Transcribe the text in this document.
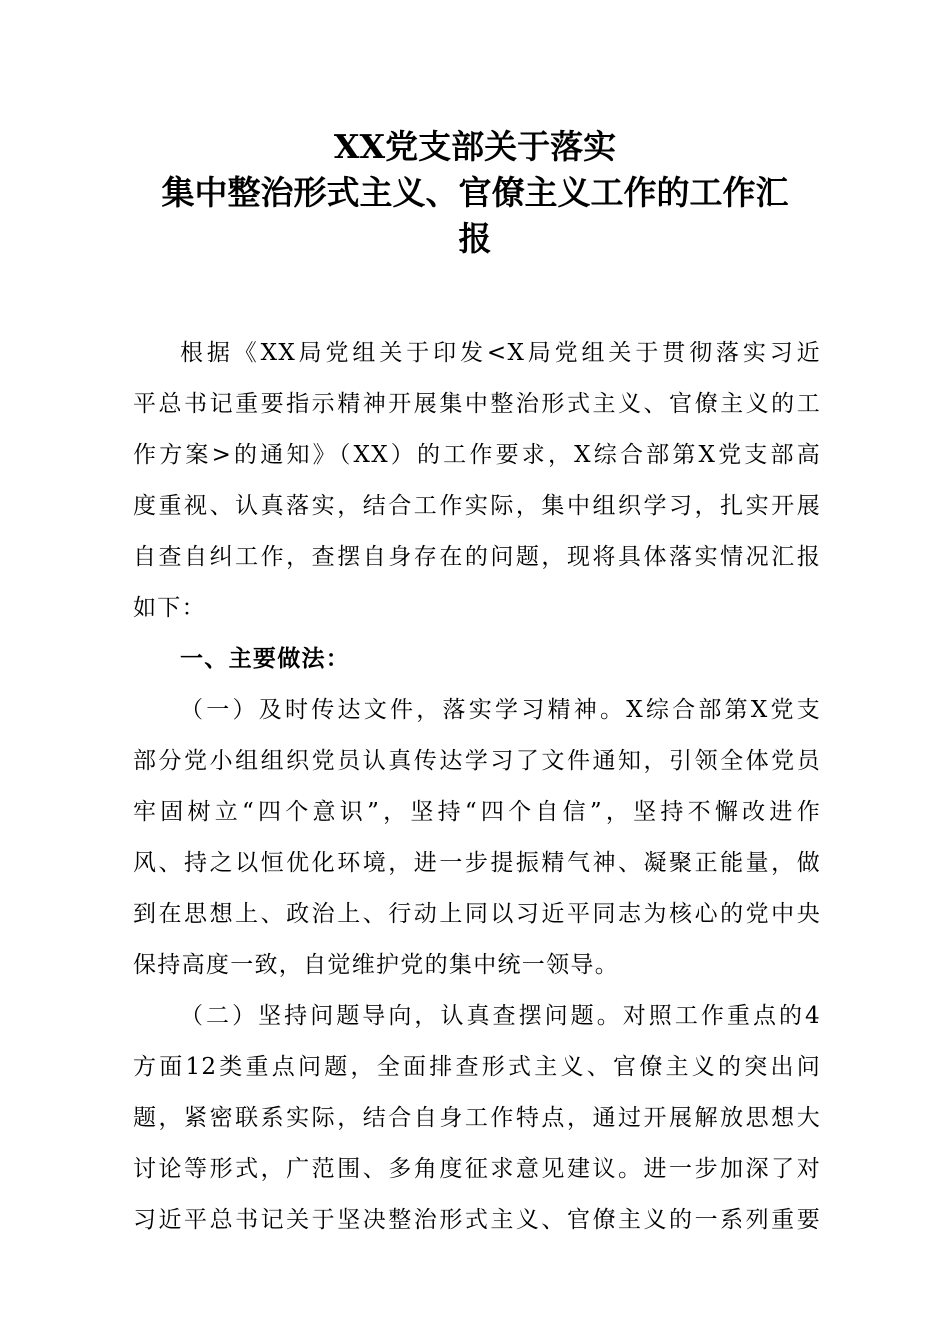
XX党支部关于落实
集中整治形式主义、官僚主义工作的工作汇
报
根据《XX局党组关于印发<X局党组关于贯彻落实习近
平总书记重要指示精神开展集中整治形式主义、官僚主义的工
作方案>的通知》（XX）的工作要求，X综合部第X党支部高
度重视、认真落实，结合工作实际，集中组织学习，扎实开展
自查自纠工作，查摆自身存在的问题，现将具体落实情况汇报
如下：
一、主要做法：
（一）及时传达文件，落实学习精神。X综合部第X党支
部分党小组组织党员认真传达学习了文件通知，引领全体党员
牢固树立“四个意识”，坚持“四个自信”，坚持不懈改进作
风、持之以恒优化环境，进一步提振精气神、凝聚正能量，做
到在思想上、政治上、行动上同以习近平同志为核心的党中央
保持高度一致，自觉维护党的集中统一领导。
（二）坚持问题导向，认真查摆问题。对照工作重点的4
方面12类重点问题，全面排查形式主义、官僚主义的突出问
题，紧密联系实际，结合自身工作特点，通过开展解放思想大
讨论等形式，广范围、多角度征求意见建议。进一步加深了对
习近平总书记关于坚决整治形式主义、官僚主义的一系列重要
